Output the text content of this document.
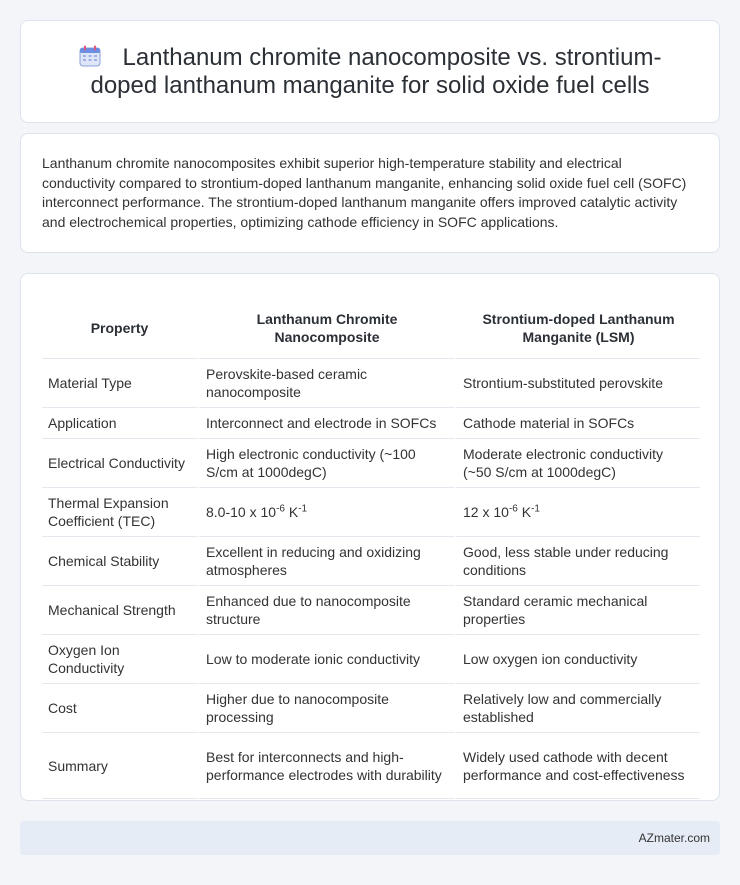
Lanthanum chromite nanocomposite vs. strontium-doped lanthanum manganite for solid oxide fuel cells

Lanthanum chromite nanocomposites exhibit superior high-temperature stability and electrical conductivity compared to strontium-doped lanthanum manganite, enhancing solid oxide fuel cell (SOFC) interconnect performance. The strontium-doped lanthanum manganite offers improved catalytic activity and electrochemical properties, optimizing cathode efficiency in SOFC applications.

Property	Lanthanum Chromite Nanocomposite	Strontium-doped Lanthanum Manganite (LSM)
Material Type	Perovskite-based ceramic nanocomposite	Strontium-substituted perovskite
Application	Interconnect and electrode in SOFCs	Cathode material in SOFCs
Electrical Conductivity	High electronic conductivity (~100 S/cm at 1000degC)	Moderate electronic conductivity (~50 S/cm at 1000degC)
Thermal Expansion Coefficient (TEC)	8.0-10 x $10^{-6}$ $K^{-1}$	12 x $10^{-6}$ $K^{-1}$
Chemical Stability	Excellent in reducing and oxidizing atmospheres	Good, less stable under reducing conditions
Mechanical Strength	Enhanced due to nanocomposite structure	Standard ceramic mechanical properties
Oxygen Ion Conductivity	Low to moderate ionic conductivity	Low oxygen ion conductivity
Cost	Higher due to nanocomposite processing	Relatively low and commercially established
Summary	Best for interconnects and high-performance electrodes with durability	Widely used cathode with decent performance and cost-effectiveness
AZmater.com
